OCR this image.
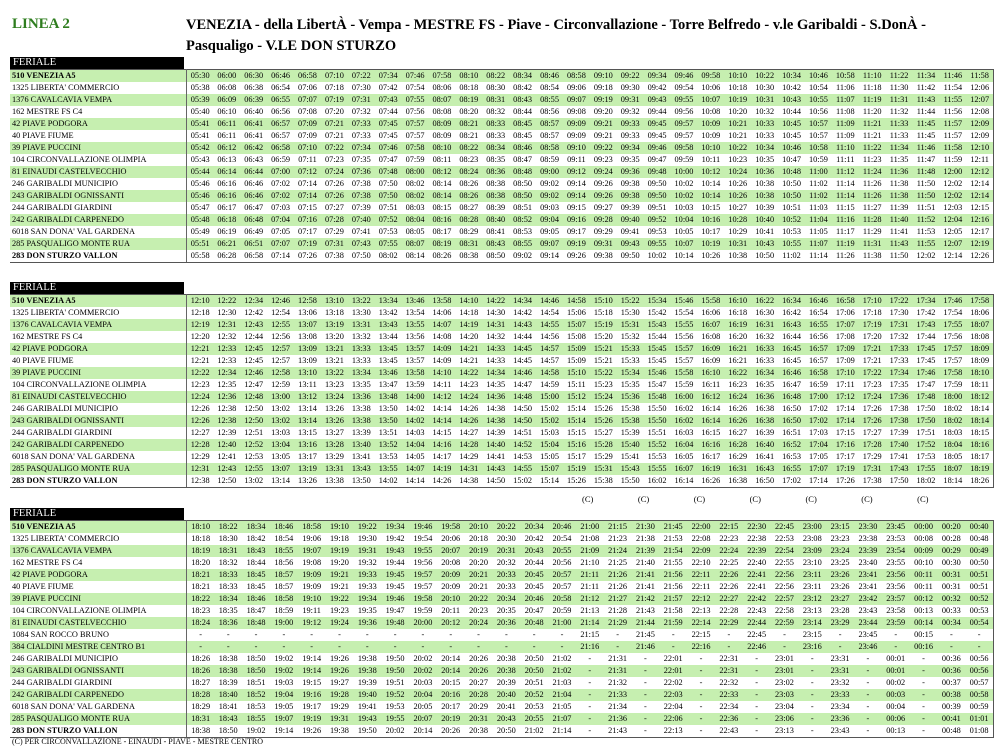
LINEA 2	VENEZIA - della LibertÀ - Vempa - MESTRE FS - Piave - Circonvallazione - Torre Belfredo - v.le Garibaldi - S.DonÀ - Pasqualigo - V.LE DON STURZO
FERIALE
510 VENEZIA A5	05:30	06:00	06:30	06:46	06:58	07:10	07:22	07:34	07:46	07:58	08:10	08:22	08:34	08:46	08:58	09:10	09:22	09:34	09:46	09:58	10:10	10:22	10:34	10:46	10:58	11:10	11:22	11:34	11:46	11:58
1325 LIBERTA' COMMERCIO	05:38	06:08	06:38	06:54	07:06	07:18	07:30	07:42	07:54	08:06	08:18	08:30	08:42	08:54	09:06	09:18	09:30	09:42	09:54	10:06	10:18	10:30	10:42	10:54	11:06	11:18	11:30	11:42	11:54	12:06
1376 CAVALCAVIA VEMPA	05:39	06:09	06:39	06:55	07:07	07:19	07:31	07:43	07:55	08:07	08:19	08:31	08:43	08:55	09:07	09:19	09:31	09:43	09:55	10:07	10:19	10:31	10:43	10:55	11:07	11:19	11:31	11:43	11:55	12:07
162 MESTRE FS C4	05:40	06:10	06:40	06:56	07:08	07:20	07:32	07:44	07:56	08:08	08:20	08:32	08:44	08:56	09:08	09:20	09:32	09:44	09:56	10:08	10:20	10:32	10:44	10:56	11:08	11:20	11:32	11:44	11:56	12:08
42 PIAVE PODGORA	05:41	06:11	06:41	06:57	07:09	07:21	07:33	07:45	07:57	08:09	08:21	08:33	08:45	08:57	09:09	09:21	09:33	09:45	09:57	10:09	10:21	10:33	10:45	10:57	11:09	11:21	11:33	11:45	11:57	12:09
40 PIAVE FIUME	05:41	06:11	06:41	06:57	07:09	07:21	07:33	07:45	07:57	08:09	08:21	08:33	08:45	08:57	09:09	09:21	09:33	09:45	09:57	10:09	10:21	10:33	10:45	10:57	11:09	11:21	11:33	11:45	11:57	12:09
39 PIAVE PUCCINI	05:42	06:12	06:42	06:58	07:10	07:22	07:34	07:46	07:58	08:10	08:22	08:34	08:46	08:58	09:10	09:22	09:34	09:46	09:58	10:10	10:22	10:34	10:46	10:58	11:10	11:22	11:34	11:46	11:58	12:10
104 CIRCONVALLAZIONE OLIMPIA	05:43	06:13	06:43	06:59	07:11	07:23	07:35	07:47	07:59	08:11	08:23	08:35	08:47	08:59	09:11	09:23	09:35	09:47	09:59	10:11	10:23	10:35	10:47	10:59	11:11	11:23	11:35	11:47	11:59	12:11
81 EINAUDI CASTELVECCHIO	05:44	06:14	06:44	07:00	07:12	07:24	07:36	07:48	08:00	08:12	08:24	08:36	08:48	09:00	09:12	09:24	09:36	09:48	10:00	10:12	10:24	10:36	10:48	11:00	11:12	11:24	11:36	11:48	12:00	12:12
246 GARIBALDI MUNICIPIO	05:46	06:16	06:46	07:02	07:14	07:26	07:38	07:50	08:02	08:14	08:26	08:38	08:50	09:02	09:14	09:26	09:38	09:50	10:02	10:14	10:26	10:38	10:50	11:02	11:14	11:26	11:38	11:50	12:02	12:14
243 GARIBALDI OGNISSANTI	05:46	06:16	06:46	07:02	07:14	07:26	07:38	07:50	08:02	08:14	08:26	08:38	08:50	09:02	09:14	09:26	09:38	09:50	10:02	10:14	10:26	10:38	10:50	11:02	11:14	11:26	11:38	11:50	12:02	12:14
244 GARIBALDI GIARDINI	05:47	06:17	06:47	07:03	07:15	07:27	07:39	07:51	08:03	08:15	08:27	08:39	08:51	09:03	09:15	09:27	09:39	09:51	10:03	10:15	10:27	10:39	10:51	11:03	11:15	11:27	11:39	11:51	12:03	12:15
242 GARIBALDI CARPENEDO	05:48	06:18	06:48	07:04	07:16	07:28	07:40	07:52	08:04	08:16	08:28	08:40	08:52	09:04	09:16	09:28	09:40	09:52	10:04	10:16	10:28	10:40	10:52	11:04	11:16	11:28	11:40	11:52	12:04	12:16
6018 SAN DONA' VAL GARDENA	05:49	06:19	06:49	07:05	07:17	07:29	07:41	07:53	08:05	08:17	08:29	08:41	08:53	09:05	09:17	09:29	09:41	09:53	10:05	10:17	10:29	10:41	10:53	11:05	11:17	11:29	11:41	11:53	12:05	12:17
285 PASQUALIGO MONTE RUA	05:51	06:21	06:51	07:07	07:19	07:31	07:43	07:55	08:07	08:19	08:31	08:43	08:55	09:07	09:19	09:31	09:43	09:55	10:07	10:19	10:31	10:43	10:55	11:07	11:19	11:31	11:43	11:55	12:07	12:19
283 DON STURZO VALLON	05:58	06:28	06:58	07:14	07:26	07:38	07:50	08:02	08:14	08:26	08:38	08:50	09:02	09:14	09:26	09:38	09:50	10:02	10:14	10:26	10:38	10:50	11:02	11:14	11:26	11:38	11:50	12:02	12:14	12:26
FERIALE
510 VENEZIA A5	12:10	12:22	12:34	12:46	12:58	13:10	13:22	13:34	13:46	13:58	14:10	14:22	14:34	14:46	14:58	15:10	15:22	15:34	15:46	15:58	16:10	16:22	16:34	16:46	16:58	17:10	17:22	17:34	17:46	17:58
1325 LIBERTA' COMMERCIO	12:18	12:30	12:42	12:54	13:06	13:18	13:30	13:42	13:54	14:06	14:18	14:30	14:42	14:54	15:06	15:18	15:30	15:42	15:54	16:06	16:18	16:30	16:42	16:54	17:06	17:18	17:30	17:42	17:54	18:06
1376 CAVALCAVIA VEMPA	12:19	12:31	12:43	12:55	13:07	13:19	13:31	13:43	13:55	14:07	14:19	14:31	14:43	14:55	15:07	15:19	15:31	15:43	15:55	16:07	16:19	16:31	16:43	16:55	17:07	17:19	17:31	17:43	17:55	18:07
162 MESTRE FS C4	12:20	12:32	12:44	12:56	13:08	13:20	13:32	13:44	13:56	14:08	14:20	14:32	14:44	14:56	15:08	15:20	15:32	15:44	15:56	16:08	16:20	16:32	16:44	16:56	17:08	17:20	17:32	17:44	17:56	18:08
42 PIAVE PODGORA	12:21	12:33	12:45	12:57	13:09	13:21	13:33	13:45	13:57	14:09	14:21	14:33	14:45	14:57	15:09	15:21	15:33	15:45	15:57	16:09	16:21	16:33	16:45	16:57	17:09	17:21	17:33	17:45	17:57	18:09
40 PIAVE FIUME	12:21	12:33	12:45	12:57	13:09	13:21	13:33	13:45	13:57	14:09	14:21	14:33	14:45	14:57	15:09	15:21	15:33	15:45	15:57	16:09	16:21	16:33	16:45	16:57	17:09	17:21	17:33	17:45	17:57	18:09
39 PIAVE PUCCINI	12:22	12:34	12:46	12:58	13:10	13:22	13:34	13:46	13:58	14:10	14:22	14:34	14:46	14:58	15:10	15:22	15:34	15:46	15:58	16:10	16:22	16:34	16:46	16:58	17:10	17:22	17:34	17:46	17:58	18:10
104 CIRCONVALLAZIONE OLIMPIA	12:23	12:35	12:47	12:59	13:11	13:23	13:35	13:47	13:59	14:11	14:23	14:35	14:47	14:59	15:11	15:23	15:35	15:47	15:59	16:11	16:23	16:35	16:47	16:59	17:11	17:23	17:35	17:47	17:59	18:11
81 EINAUDI CASTELVECCHIO	12:24	12:36	12:48	13:00	13:12	13:24	13:36	13:48	14:00	14:12	14:24	14:36	14:48	15:00	15:12	15:24	15:36	15:48	16:00	16:12	16:24	16:36	16:48	17:00	17:12	17:24	17:36	17:48	18:00	18:12
246 GARIBALDI MUNICIPIO	12:26	12:38	12:50	13:02	13:14	13:26	13:38	13:50	14:02	14:14	14:26	14:38	14:50	15:02	15:14	15:26	15:38	15:50	16:02	16:14	16:26	16:38	16:50	17:02	17:14	17:26	17:38	17:50	18:02	18:14
243 GARIBALDI OGNISSANTI	12:26	12:38	12:50	13:02	13:14	13:26	13:38	13:50	14:02	14:14	14:26	14:38	14:50	15:02	15:14	15:26	15:38	15:50	16:02	16:14	16:26	16:38	16:50	17:02	17:14	17:26	17:38	17:50	18:02	18:14
244 GARIBALDI GIARDINI	12:27	12:39	12:51	13:03	13:15	13:27	13:39	13:51	14:03	14:15	14:27	14:39	14:51	15:03	15:15	15:27	15:39	15:51	16:03	16:15	16:27	16:39	16:51	17:03	17:15	17:27	17:39	17:51	18:03	18:15
242 GARIBALDI CARPENEDO	12:28	12:40	12:52	13:04	13:16	13:28	13:40	13:52	14:04	14:16	14:28	14:40	14:52	15:04	15:16	15:28	15:40	15:52	16:04	16:16	16:28	16:40	16:52	17:04	17:16	17:28	17:40	17:52	18:04	18:16
6018 SAN DONA' VAL GARDENA	12:29	12:41	12:53	13:05	13:17	13:29	13:41	13:53	14:05	14:17	14:29	14:41	14:53	15:05	15:17	15:29	15:41	15:53	16:05	16:17	16:29	16:41	16:53	17:05	17:17	17:29	17:41	17:53	18:05	18:17
285 PASQUALIGO MONTE RUA	12:31	12:43	12:55	13:07	13:19	13:31	13:43	13:55	14:07	14:19	14:31	14:43	14:55	15:07	15:19	15:31	15:43	15:55	16:07	16:19	16:31	16:43	16:55	17:07	17:19	17:31	17:43	17:55	18:07	18:19
283 DON STURZO VALLON	12:38	12:50	13:02	13:14	13:26	13:38	13:50	14:02	14:14	14:26	14:38	14:50	15:02	15:14	15:26	15:38	15:50	16:02	16:14	16:26	16:38	16:50	17:02	17:14	17:26	17:38	17:50	18:02	18:14	18:26
(C)	(C)	(C)	(C)	(C)	(C)	(C)
FERIALE
510 VENEZIA A5	18:10	18:22	18:34	18:46	18:58	19:10	19:22	19:34	19:46	19:58	20:10	20:22	20:34	20:46	21:00	21:15	21:30	21:45	22:00	22:15	22:30	22:45	23:00	23:15	23:30	23:45	00:00	00:20	00:40
1325 LIBERTA' COMMERCIO	18:18	18:30	18:42	18:54	19:06	19:18	19:30	19:42	19:54	20:06	20:18	20:30	20:42	20:54	21:08	21:23	21:38	21:53	22:08	22:23	22:38	22:53	23:08	23:23	23:38	23:53	00:08	00:28	00:48
1376 CAVALCAVIA VEMPA	18:19	18:31	18:43	18:55	19:07	19:19	19:31	19:43	19:55	20:07	20:19	20:31	20:43	20:55	21:09	21:24	21:39	21:54	22:09	22:24	22:39	22:54	23:09	23:24	23:39	23:54	00:09	00:29	00:49
162 MESTRE FS C4	18:20	18:32	18:44	18:56	19:08	19:20	19:32	19:44	19:56	20:08	20:20	20:32	20:44	20:56	21:10	21:25	21:40	21:55	22:10	22:25	22:40	22:55	23:10	23:25	23:40	23:55	00:10	00:30	00:50
42 PIAVE PODGORA	18:21	18:33	18:45	18:57	19:09	19:21	19:33	19:45	19:57	20:09	20:21	20:33	20:45	20:57	21:11	21:26	21:41	21:56	22:11	22:26	22:41	22:56	23:11	23:26	23:41	23:56	00:11	00:31	00:51
40 PIAVE FIUME	18:21	18:33	18:45	18:57	19:09	19:21	19:33	19:45	19:57	20:09	20:21	20:33	20:45	20:57	21:11	21:26	21:41	21:56	22:11	22:26	22:41	22:56	23:11	23:26	23:41	23:56	00:11	00:31	00:51
39 PIAVE PUCCINI	18:22	18:34	18:46	18:58	19:10	19:22	19:34	19:46	19:58	20:10	20:22	20:34	20:46	20:58	21:12	21:27	21:42	21:57	22:12	22:27	22:42	22:57	23:12	23:27	23:42	23:57	00:12	00:32	00:52
104 CIRCONVALLAZIONE OLIMPIA	18:23	18:35	18:47	18:59	19:11	19:23	19:35	19:47	19:59	20:11	20:23	20:35	20:47	20:59	21:13	21:28	21:43	21:58	22:13	22:28	22:43	22:58	23:13	23:28	23:43	23:58	00:13	00:33	00:53
81 EINAUDI CASTELVECCHIO	18:24	18:36	18:48	19:00	19:12	19:24	19:36	19:48	20:00	20:12	20:24	20:36	20:48	21:00	21:14	21:29	21:44	21:59	22:14	22:29	22:44	22:59	23:14	23:29	23:44	23:59	00:14	00:34	00:54
1084 SAN ROCCO BRUNO	-	-	-	-	-	-	-	-	-	-	-	-	-	-	21:15	-	21:45	-	22:15	-	22:45	-	23:15	-	23:45	-	00:15	-	-
384 CIALDINI MESTRE CENTRO B1	-	-	-	-	-	-	-	-	-	-	-	-	-	-	21:16	-	21:46	-	22:16	-	22:46	-	23:16	-	23:46	-	00:16	-	-
246 GARIBALDI MUNICIPIO	18:26	18:38	18:50	19:02	19:14	19:26	19:38	19:50	20:02	20:14	20:26	20:38	20:50	21:02	-	21:31	-	22:01	-	22:31	-	23:01	-	23:31	-	00:01	-	00:36	00:56
243 GARIBALDI OGNISSANTI	18:26	18:38	18:50	19:02	19:14	19:26	19:38	19:50	20:02	20:14	20:26	20:38	20:50	21:02	-	21:31	-	22:01	-	22:31	-	23:01	-	23:31	-	00:01	-	00:36	00:56
244 GARIBALDI GIARDINI	18:27	18:39	18:51	19:03	19:15	19:27	19:39	19:51	20:03	20:15	20:27	20:39	20:51	21:03	-	21:32	-	22:02	-	22:32	-	23:02	-	23:32	-	00:02	-	00:37	00:57
242 GARIBALDI CARPENEDO	18:28	18:40	18:52	19:04	19:16	19:28	19:40	19:52	20:04	20:16	20:28	20:40	20:52	21:04	-	21:33	-	22:03	-	22:33	-	23:03	-	23:33	-	00:03	-	00:38	00:58
6018 SAN DONA' VAL GARDENA	18:29	18:41	18:53	19:05	19:17	19:29	19:41	19:53	20:05	20:17	20:29	20:41	20:53	21:05	-	21:34	-	22:04	-	22:34	-	23:04	-	23:34	-	00:04	-	00:39	00:59
285 PASQUALIGO MONTE RUA	18:31	18:43	18:55	19:07	19:19	19:31	19:43	19:55	20:07	20:19	20:31	20:43	20:55	21:07	-	21:36	-	22:06	-	22:36	-	23:06	-	23:36	-	00:06	-	00:41	01:01
283 DON STURZO VALLON	18:38	18:50	19:02	19:14	19:26	19:38	19:50	20:02	20:14	20:26	20:38	20:50	21:02	21:14	-	21:43	-	22:13	-	22:43	-	23:13	-	23:43	-	00:13	-	00:48	01:08
(C) PER CIRCONVALLAZIONE - EINAUDI - PIAVE - MESTRE CENTRO
